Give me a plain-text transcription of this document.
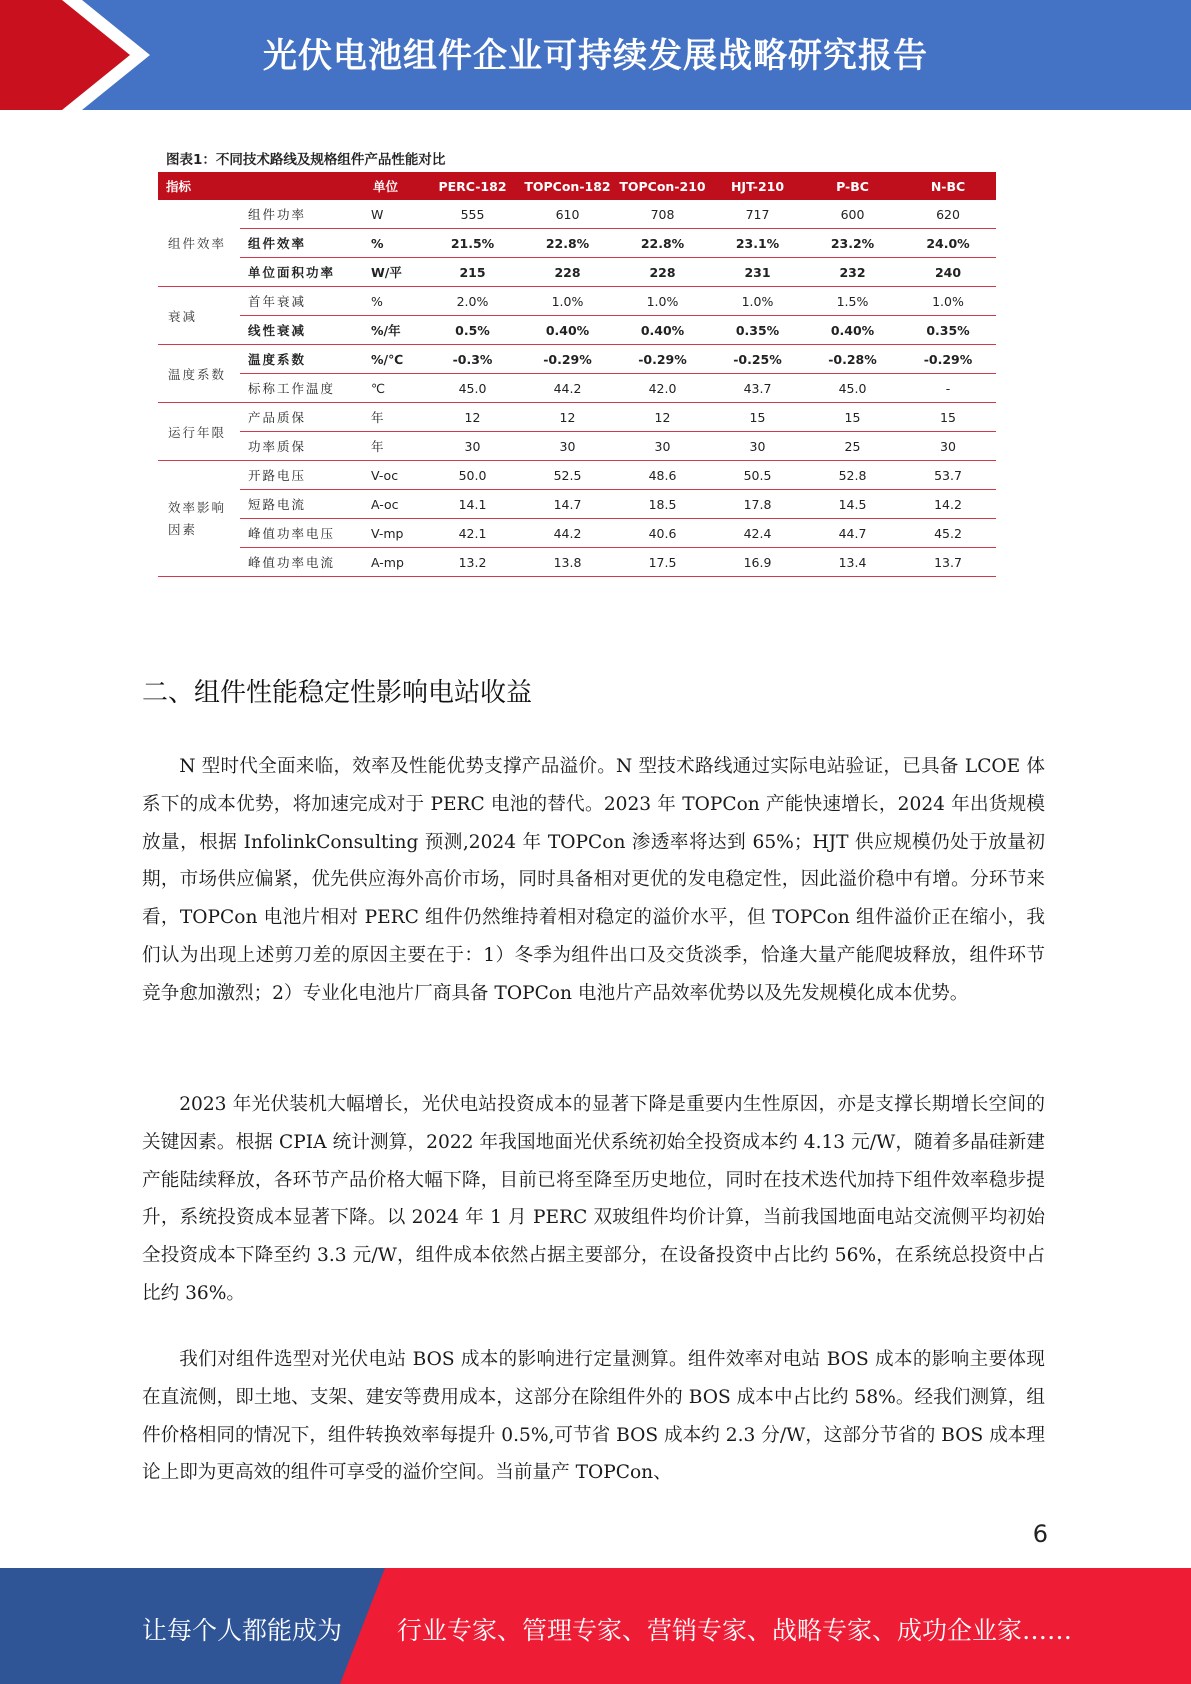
光伏电池组件企业可持续发展战略研究报告
图表1：不同技术路线及规格组件产品性能对比
指标		单位	PERC-182	TOPCon-182	TOPCon-210	HJT-210	P-BC	N-BC
组件效率	组件功率	W	555	610	708	717	600	620
	组件效率	%	21.5%	22.8%	22.8%	23.1%	23.2%	24.0%
	单位面积功率	W/平	215	228	228	231	232	240
衰减	首年衰减	%	2.0%	1.0%	1.0%	1.0%	1.5%	1.0%
	线性衰减	%/年	0.5%	0.40%	0.40%	0.35%	0.40%	0.35%
温度系数	温度系数	%/℃	-0.3%	-0.29%	-0.29%	-0.25%	-0.28%	-0.29%
	标称工作温度	℃	45.0	44.2	42.0	43.7	45.0	-
运行年限	产品质保	年	12	12	12	15	15	15
	功率质保	年	30	30	30	30	25	30
效率影响因素	开路电压	V-oc	50.0	52.5	48.6	50.5	52.8	53.7
	短路电流	A-oc	14.1	14.7	18.5	17.8	14.5	14.2
	峰值功率电压	V-mp	42.1	44.2	40.6	42.4	44.7	45.2
	峰值功率电流	A-mp	13.2	13.8	17.5	16.9	13.4	13.7
二、组件性能稳定性影响电站收益

N 型时代全面来临，效率及性能优势支撑产品溢价。N 型技术路线通过实际电站验证，已具备 LCOE 体系下的成本优势，将加速完成对于 PERC 电池的替代。2023 年 TOPCon 产能快速增长，2024 年出货规模放量，根据 InfolinkConsulting 预测,2024 年 TOPCon 渗透率将达到 65%；HJT 供应规模仍处于放量初期，市场供应偏紧，优先供应海外高价市场，同时具备相对更优的发电稳定性，因此溢价稳中有增。分环节来看，TOPCon 电池片相对 PERC 组件仍然维持着相对稳定的溢价水平，但 TOPCon 组件溢价正在缩小，我们认为出现上述剪刀差的原因主要在于：1）冬季为组件出口及交货淡季，恰逢大量产能爬坡释放，组件环节竞争愈加激烈；2）专业化电池片厂商具备 TOPCon 电池片产品效率优势以及先发规模化成本优势。

2023 年光伏装机大幅增长，光伏电站投资成本的显著下降是重要内生性原因，亦是支撑长期增长空间的关键因素。根据 CPIA 统计测算，2022 年我国地面光伏系统初始全投资成本约 4.13 元/W，随着多晶硅新建产能陆续释放，各环节产品价格大幅下降，目前已将至降至历史地位，同时在技术迭代加持下组件效率稳步提升，系统投资成本显著下降。以 2024 年 1 月 PERC 双玻组件均价计算，当前我国地面电站交流侧平均初始全投资成本下降至约 3.3 元/W，组件成本依然占据主要部分，在设备投资中占比约 56%，在系统总投资中占比约 36%。

我们对组件选型对光伏电站 BOS 成本的影响进行定量测算。组件效率对电站 BOS 成本的影响主要体现在直流侧，即土地、支架、建安等费用成本，这部分在除组件外的 BOS 成本中占比约 58%。经我们测算，组件价格相同的情况下，组件转换效率每提升 0.5%,可节省 BOS 成本约 2.3 分/W，这部分节省的 BOS 成本理论上即为更高效的组件可享受的溢价空间。当前量产 TOPCon、

6
让每个人都能成为 行业专家、管理专家、营销专家、战略专家、成功企业家……
